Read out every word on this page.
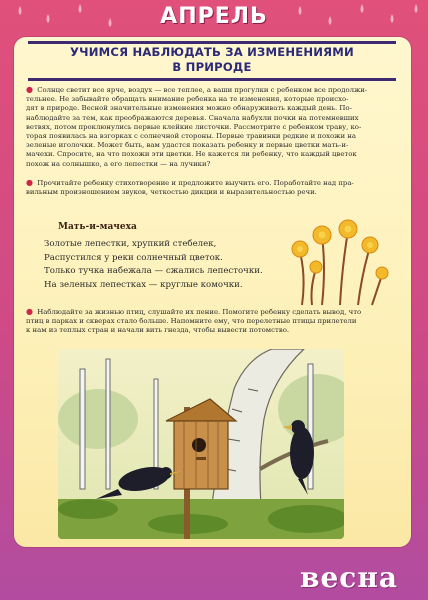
АПРЕЛЬ
УЧИМСЯ НАБЛЮДАТЬ ЗА ИЗМЕНЕНИЯМИ
В ПРИРОДЕ
● Солнце светит все ярче, воздух — все теплее, а ваши прогулки с ребенком все продолжи-
тельнее. Не забывайте обращать внимание ребенка на те изменения, которые происхо-
дят в природе. Весной значительные изменения можно обнаруживать каждый день. По-
наблюдайте за тем, как преображаются деревья. Сначала набухли почки на потемневших
ветвях, потом проклюнулись первые клейкие листочки. Рассмотрите с ребенком траву, ко-
торая появилась на взгорках с солнечной стороны. Первые травинки редкие и похожи на
зеленые иголочки. Может быть, вам удастся показать ребенку и первые цветки мать-и-
мачехи. Спросите, на что похожи эти цветки. Не кажется ли ребенку, что каждый цветок
похож на солнышко, а его лепестки — на лучики?
● Прочитайте ребенку стихотворение и предложите выучить его. Поработайте над пра-
вильным произношением звуков, четкостью дикции и выразительностью речи.
Мать-и-мачеха
Золотые лепестки, хрупкий стебелек,
Распустился у реки солнечный цветок.
Только тучка набежала — сжались лепесточки.
На зеленых лепестках — круглые комочки.
● Наблюдайте за жизнью птиц, слушайте их пение. Помогите ребенку сделать вывод, что
птиц в парках и скверах стало больше. Напомните ему, что перелетные птицы прилетели
к нам из теплых стран и начали вить гнезда, чтобы вывести потомство.
весна
